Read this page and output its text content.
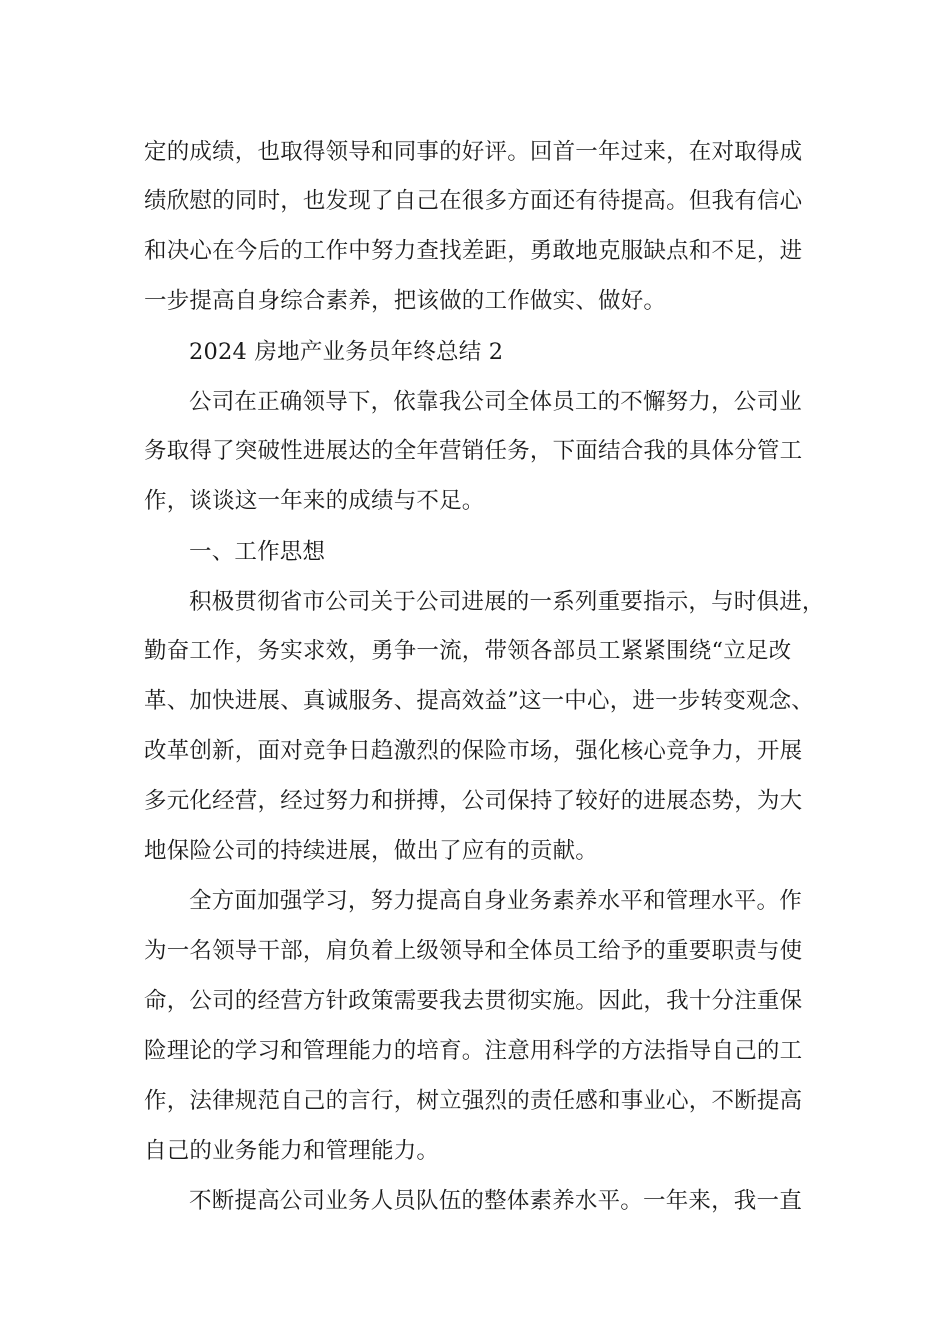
定的成绩，也取得领导和同事的好评。回首一年过来，在对取得成
绩欣慰的同时，也发现了自己在很多方面还有待提高。但我有信心
和决心在今后的工作中努力查找差距，勇敢地克服缺点和不足，进
一步提高自身综合素养，把该做的工作做实、做好。
2024 房地产业务员年终总结 2
公司在正确领导下，依靠我公司全体员工的不懈努力，公司业
务取得了突破性进展达的全年营销任务，下面结合我的具体分管工
作，谈谈这一年来的成绩与不足。
一、工作思想
积极贯彻省市公司关于公司进展的一系列重要指示，与时俱进，
勤奋工作，务实求效，勇争一流，带领各部员工紧紧围绕“立足改
革、加快进展、真诚服务、提高效益”这一中心，进一步转变观念、
改革创新，面对竞争日趋激烈的保险市场，强化核心竞争力，开展
多元化经营，经过努力和拼搏，公司保持了较好的进展态势，为大
地保险公司的持续进展，做出了应有的贡献。
全方面加强学习，努力提高自身业务素养水平和管理水平。作
为一名领导干部，肩负着上级领导和全体员工给予的重要职责与使
命，公司的经营方针政策需要我去贯彻实施。因此，我十分注重保
险理论的学习和管理能力的培育。注意用科学的方法指导自己的工
作，法律规范自己的言行，树立强烈的责任感和事业心，不断提高
自己的业务能力和管理能力。
不断提高公司业务人员队伍的整体素养水平。一年来，我一直
